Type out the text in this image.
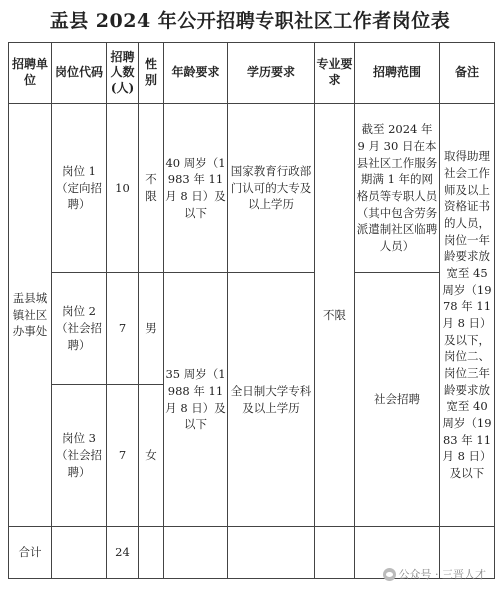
盂县 2024 年公开招聘专职社区工作者岗位表
招聘单位	岗位代码	招聘人数(人)	性别	年龄要求	学历要求	专业要求	招聘范围	备注
盂县城镇社区办事处	岗位 1（定向招聘）	10	不限	40 周岁（1983 年 11 月 8 日）及以下	国家教育行政部门认可的大专及以上学历	不限	截至 2024 年 9 月 30 日在本县社区工作服务期满 1 年的网格员等专职人员（其中包含劳务派遣制社区临聘人员）	取得助理社会工作师及以上资格证书的人员，岗位一年龄要求放宽至 45 周岁（1978 年 11 月 8 日）及以下，岗位二、岗位三年龄要求放宽至 40 周岁（1983 年 11 月 8 日）及以下
	岗位 2（社会招聘）	7	男	35 周岁（1988 年 11 月 8 日）及以下	全日制大学专科及以上学历		社会招聘	
	岗位 3（社会招聘）	7	女					
合计		24						
公众号 · 三晋人才
